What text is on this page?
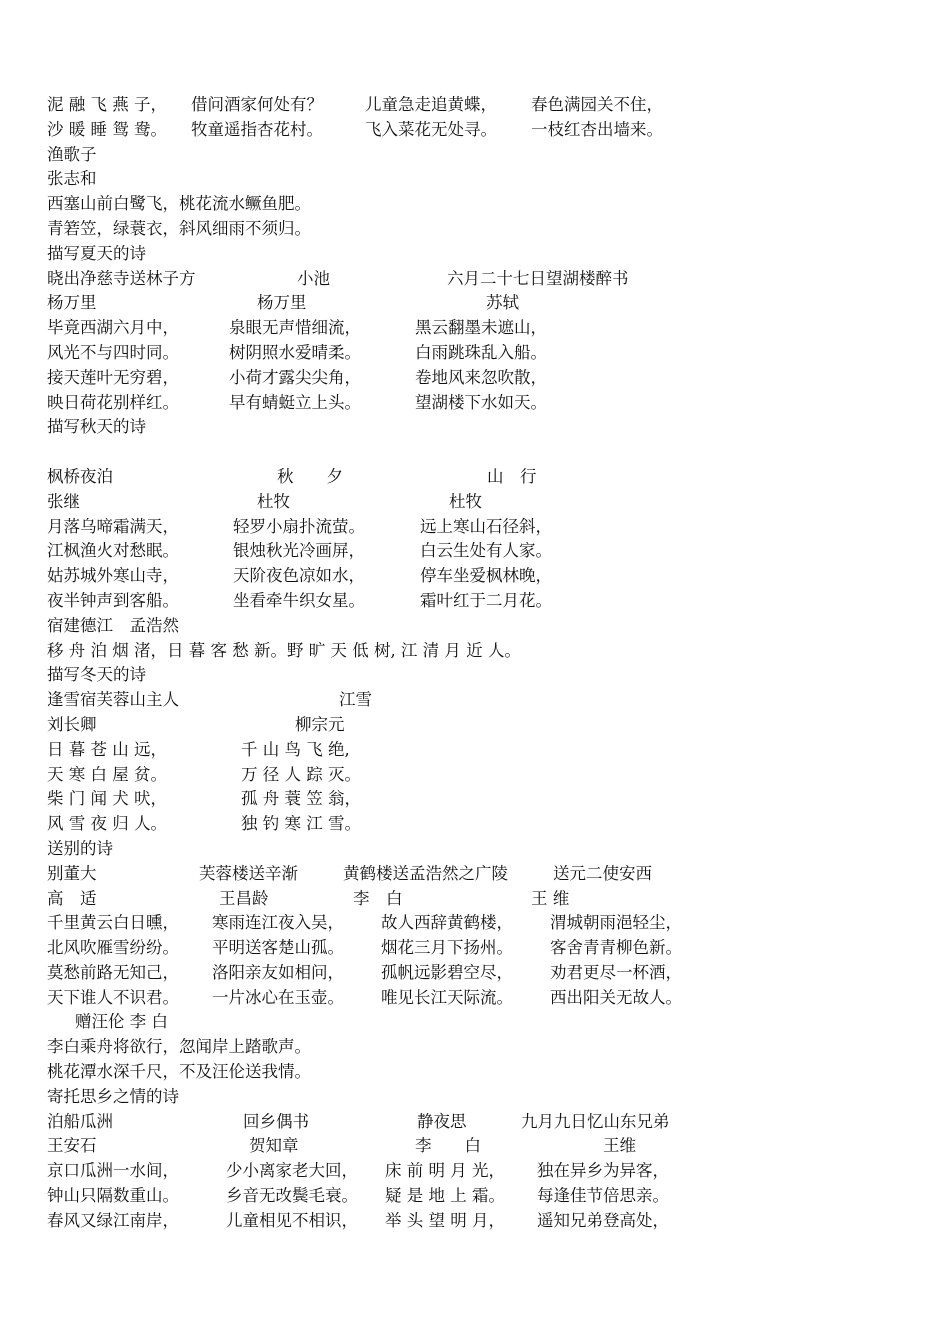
泥 融 飞 燕 子， 借问酒家何处有？	儿童急走追黄蝶， 春色满园关不住，
沙 暖 睡 鸳 鸯。 牧童遥指杏花村。	飞入菜花无处寻。 一枝红杏出墙来。
渔歌子
张志和
西塞山前白鹭飞，桃花流水鳜鱼肥。
青箬笠，绿蓑衣，斜风细雨不须归。
描写夏天的诗
晓出净慈寺送林子方	小池	六月二十七日望湖楼醉书
杨万里	杨万里	苏轼
毕竟西湖六月中，	泉眼无声惜细流，	黑云翻墨未遮山，
风光不与四时同。	树阴照水爱晴柔。	白雨跳珠乱入船。
接天莲叶无穷碧，	小荷才露尖尖角，	卷地风来忽吹散，
映日荷花别样红。	早有蜻蜓立上头。	望湖楼下水如天。
描写秋天的诗
枫桥夜泊	秋　　夕	山　行
张继	杜牧	杜牧
月落乌啼霜满天，	轻罗小扇扑流萤。	远上寒山石径斜，
江枫渔火对愁眠。	银烛秋光冷画屏，	白云生处有人家。
姑苏城外寒山寺，	天阶夜色凉如水，	停车坐爱枫林晚，
夜半钟声到客船。	坐看牵牛织女星。	霜叶红于二月花。
宿建德江　孟浩然
移 舟 泊 烟 渚，日 暮 客 愁 新。野 旷 天 低 树, 江 清 月 近 人。
描写冬天的诗
逢雪宿芙蓉山主人	江雪
刘长卿	柳宗元
日 暮 苍 山 远，	千 山 鸟 飞 绝,
天 寒 白 屋 贫。	万 径 人 踪 灭。
柴 门 闻 犬 吠，	孤 舟 蓑 笠 翁，
风 雪 夜 归 人。	独 钓 寒 江 雪。
送别的诗
别董大	芙蓉楼送辛渐	黄鹤楼送孟浩然之广陵	送元二使安西
高　适	王昌龄	李　白	王 维
千里黄云白日曛， 寒雨连江夜入吴， 故人西辞黄鹤楼， 渭城朝雨浥轻尘，
北风吹雁雪纷纷。 平明送客楚山孤。 烟花三月下扬州。 客舍青青柳色新。
莫愁前路无知己， 洛阳亲友如相问， 孤帆远影碧空尽， 劝君更尽一杯酒，
天下谁人不识君。 一片冰心在玉壶。 唯见长江天际流。 西出阳关无故人。
赠汪伦 李 白
李白乘舟将欲行，忽闻岸上踏歌声。
桃花潭水深千尺，不及汪伦送我情。
寄托思乡之情的诗
泊船瓜洲	回乡偶书	静夜思	九月九日忆山东兄弟
王安石	贺知章	李　　白	王维
京口瓜洲一水间，	少小离家老大回， 床 前 明 月 光， 独在异乡为异客，
钟山只隔数重山。	乡音无改鬓毛衰。 疑 是 地 上 霜。 每逢佳节倍思亲。
春风又绿江南岸，	儿童相见不相识， 举 头 望 明 月， 遥知兄弟登高处，
